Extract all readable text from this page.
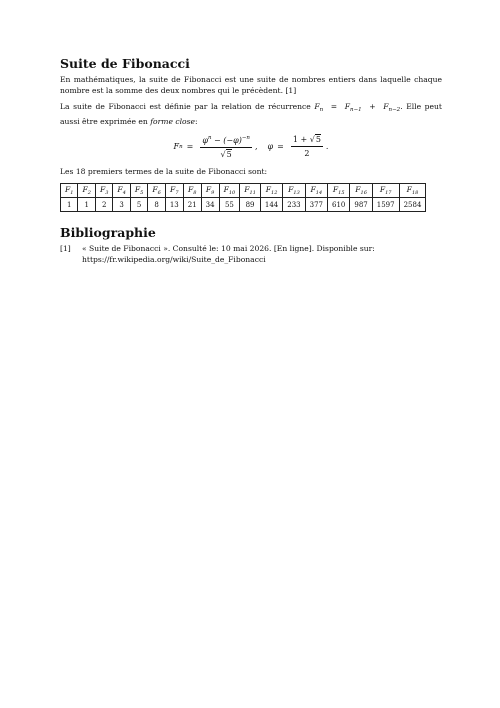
Suite de Fibonacci

En mathématiques, la suite de Fibonacci est une suite de nombres entiers dans laquelle chaque nombre est la somme des deux nombres qui le précèdent. [1]

La suite de Fibonacci est définie par la relation de récurrence $F_n = F_{n-1} + F_{n-2}$. Elle peut aussi être exprimée en forme close:

F $n = \frac{\varphi^n - (-\varphi)^{-n}}{√5}$ , $\varphi = \frac{1 + √5}{2}$ .

Les 18 premiers termes de la suite de Fibonacci sont:

$F_1$	$F_2$	$F_3$	$F_4$	$F_5$	$F_6$	$F_7$	$F_8$	$F_9$	$F_{10}$	$F_{11}$	$F_{12}$	$F_{13}$	$F_{14}$	$F_{15}$	$F_{16}$	$F_{17}$	$F_{18}$
1	1	2	3	5	8	13	21	34	55	89	144	233	377	610	987	1597	2584
Bibliographie
[1]	« Suite de Fibonacci ». Consulté le: 10 mai 2026. [En ligne]. Disponible sur: https://fr.wikipedia.org/wiki/Suite_de_Fibonacci
